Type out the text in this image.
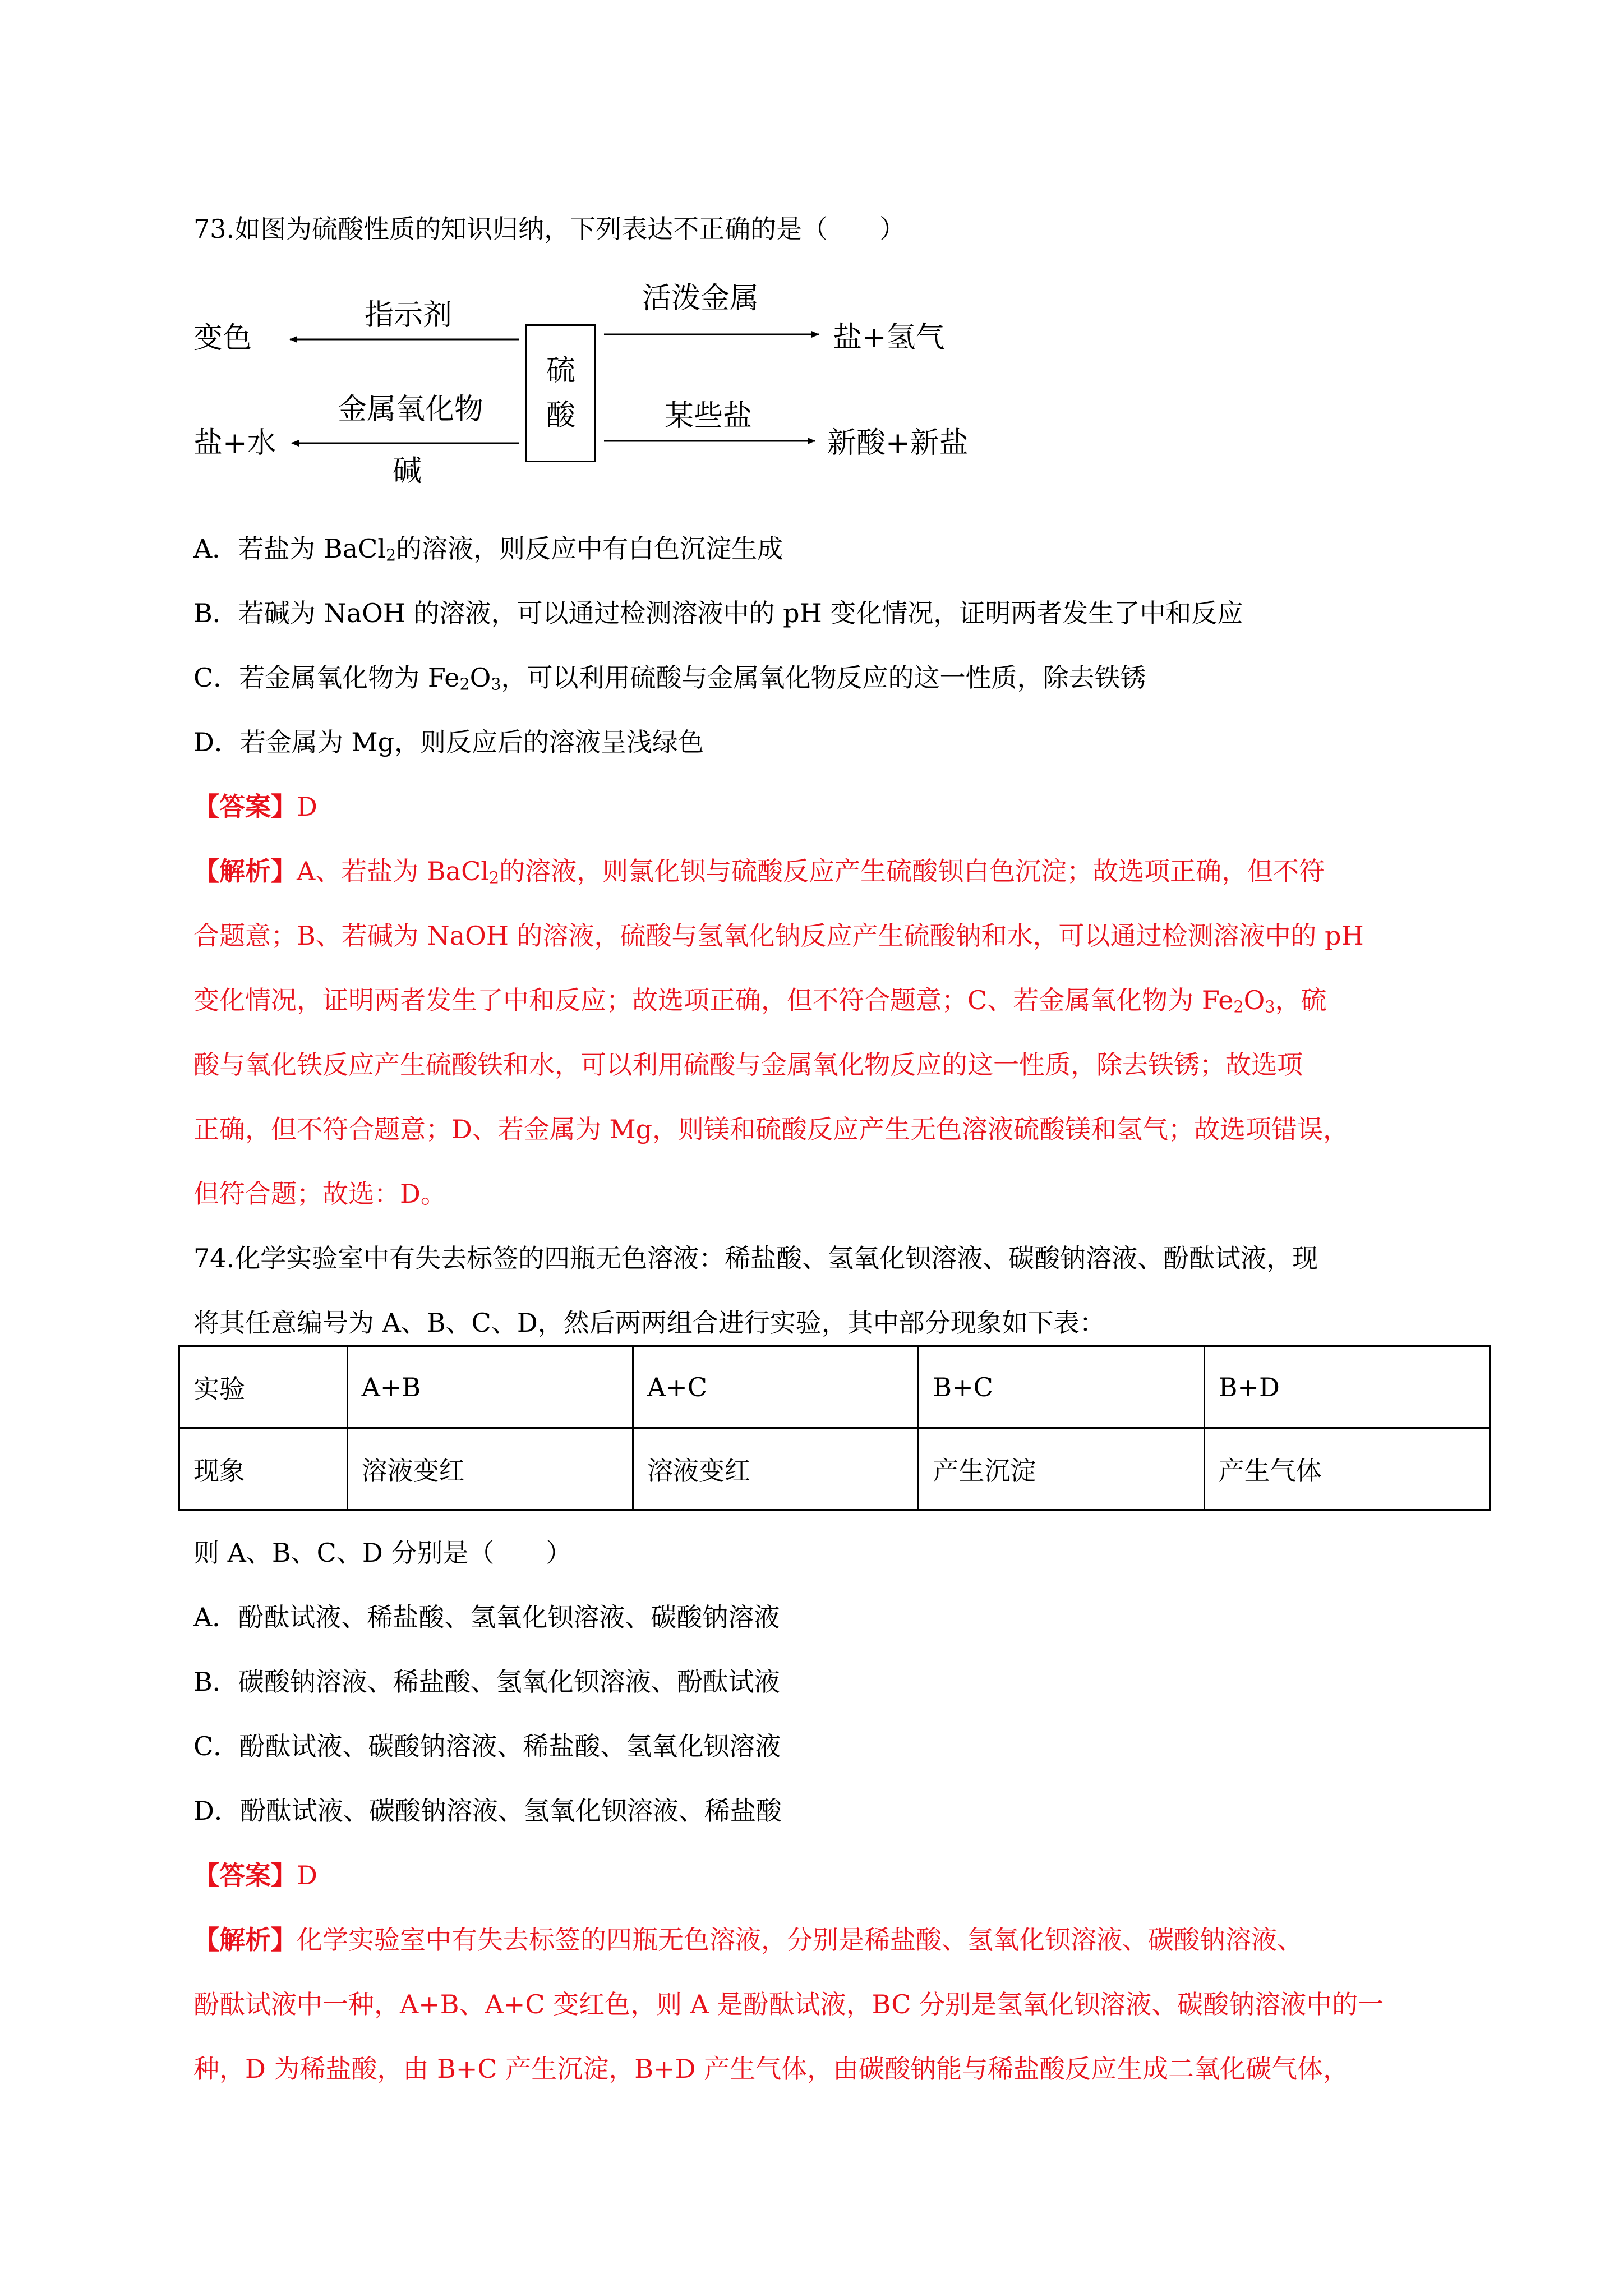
73.如图为硫酸性质的知识归纳，下列表达不正确的是（　　）
硫
酸
变色
指示剂	活泼金属
盐+氢气
盐+水
金属氧化物
碱
某些盐
新酸+新盐
A．若盐为 BaCl$_2$的溶液，则反应中有白色沉淀生成
B．若碱为 NaOH 的溶液，可以通过检测溶液中的 pH 变化情况，证明两者发生了中和反应
C．若金属氧化物为 $Fe_2O_3$，可以利用硫酸与金属氧化物反应的这一性质，除去铁锈
D．若金属为 Mg，则反应后的溶液呈浅绿色
【答案】D
【解析】A、若盐为 BaCl$_2$的溶液，则氯化钡与硫酸反应产生硫酸钡白色沉淀；故选项正确，但不符
合题意；B、若碱为 NaOH 的溶液，硫酸与氢氧化钠反应产生硫酸钠和水，可以通过检测溶液中的 pH
变化情况，证明两者发生了中和反应；故选项正确，但不符合题意；C、若金属氧化物为 $Fe_2O_3$，硫
酸与氧化铁反应产生硫酸铁和水，可以利用硫酸与金属氧化物反应的这一性质，除去铁锈；故选项
正确，但不符合题意；D、若金属为 Mg，则镁和硫酸反应产生无色溶液硫酸镁和氢气；故选项错误，
但符合题；故选：D。
74.化学实验室中有失去标签的四瓶无色溶液：稀盐酸、氢氧化钡溶液、碳酸钠溶液、酚酞试液，现
将其任意编号为 A、B、C、D，然后两两组合进行实验，其中部分现象如下表：
实验	A+B	A+C	B+C	B+D
现象	溶液变红	溶液变红	产生沉淀	产生气体
则 A、B、C、D 分别是（　　）
A．酚酞试液、稀盐酸、氢氧化钡溶液、碳酸钠溶液
B．碳酸钠溶液、稀盐酸、氢氧化钡溶液、酚酞试液
C．酚酞试液、碳酸钠溶液、稀盐酸、氢氧化钡溶液
D．酚酞试液、碳酸钠溶液、氢氧化钡溶液、稀盐酸
【答案】D
【解析】化学实验室中有失去标签的四瓶无色溶液，分别是稀盐酸、氢氧化钡溶液、碳酸钠溶液、
酚酞试液中一种，A+B、A+C 变红色，则 A 是酚酞试液，BC 分别是氢氧化钡溶液、碳酸钠溶液中的一
种，D 为稀盐酸，由 B+C 产生沉淀，B+D 产生气体，由碳酸钠能与稀盐酸反应生成二氧化碳气体，
